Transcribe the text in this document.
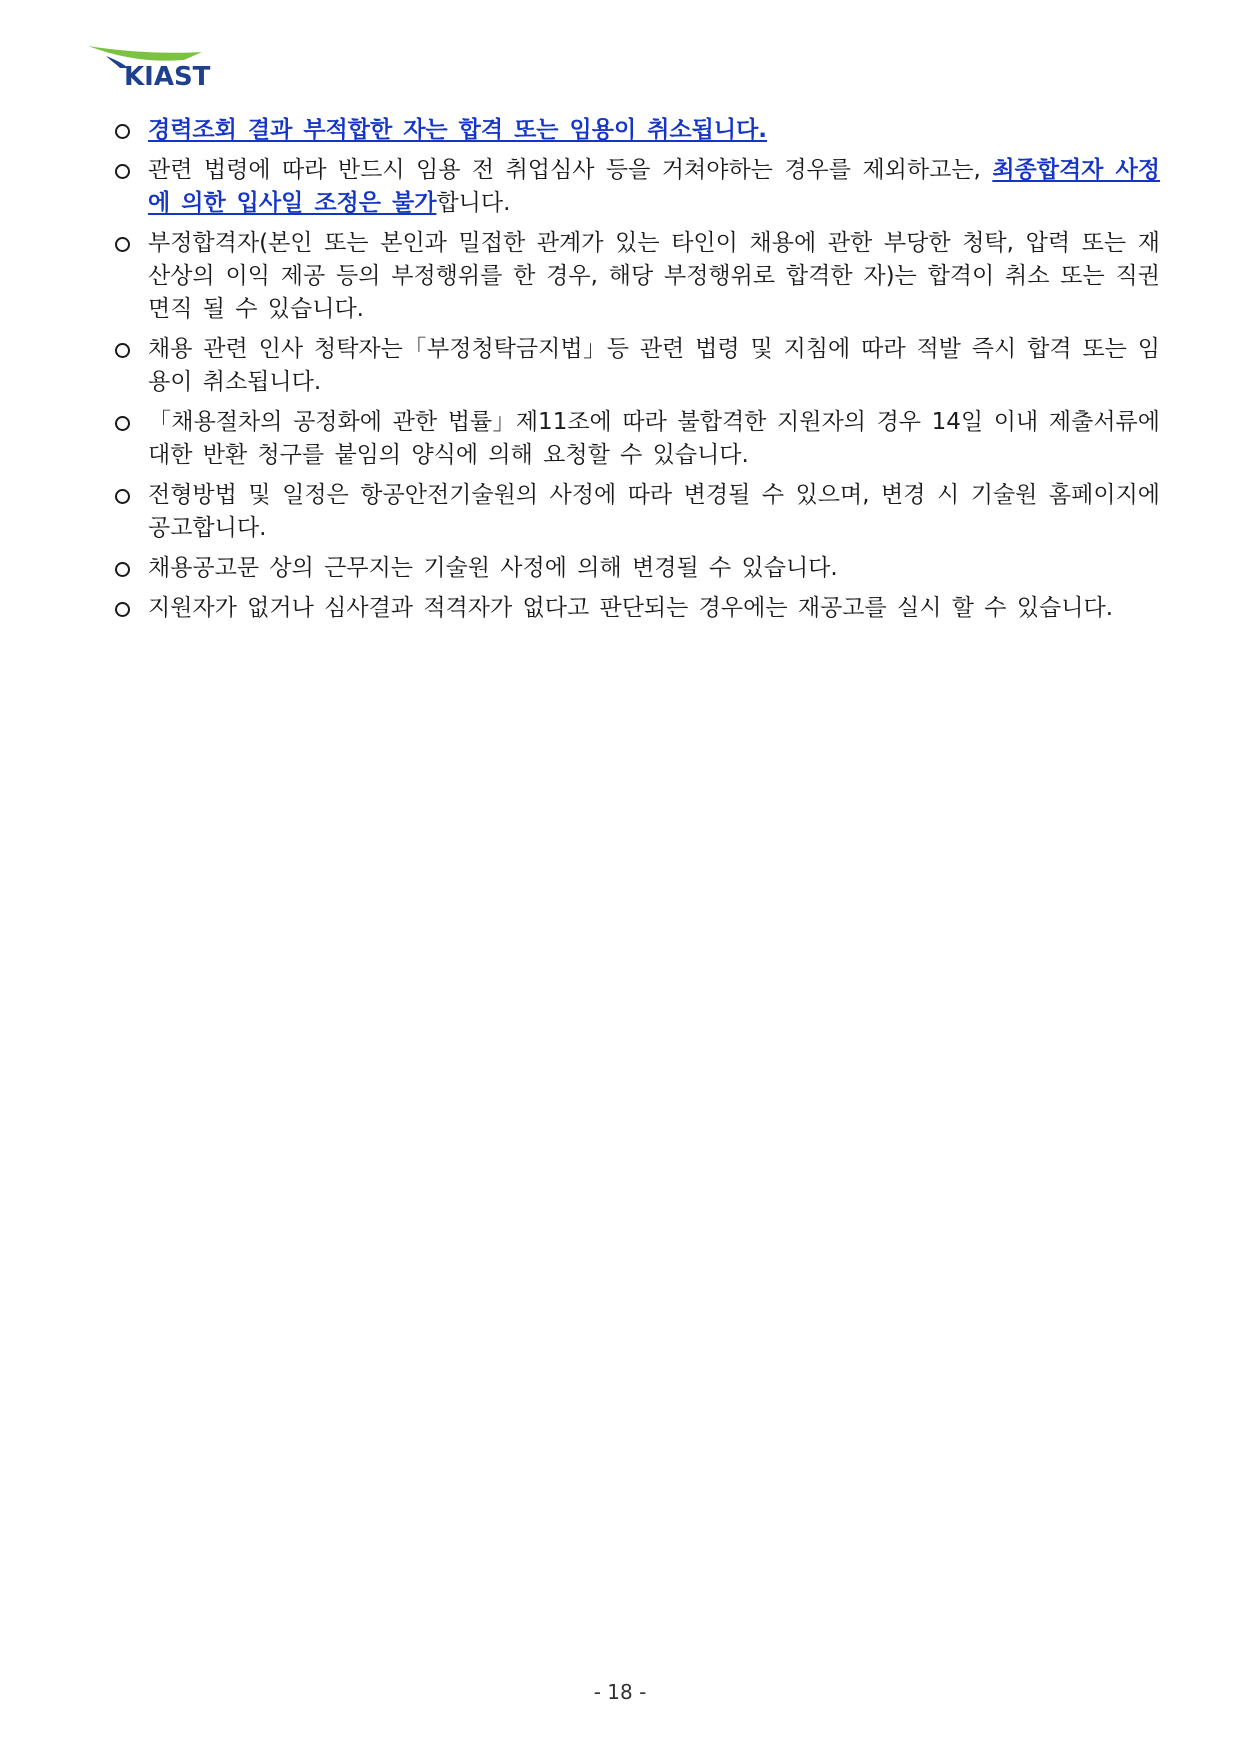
KIAST
경력조회 결과 부적합한 자는 합격 또는 임용이 취소됩니다.
관련 법령에 따라 반드시 임용 전 취업심사 등을 거쳐야하는 경우를 제외하고는, 최종합격자 사정에 의한 입사일 조정은 불가합니다.
부정합격자(본인 또는 본인과 밀접한 관계가 있는 타인이 채용에 관한 부당한 청탁, 압력 또는 재산상의 이익 제공 등의 부정행위를 한 경우, 해당 부정행위로 합격한 자)는 합격이 취소 또는 직권면직 될 수 있습니다.
채용 관련 인사 청탁자는「부정청탁금지법」등 관련 법령 및 지침에 따라 적발 즉시 합격 또는 임용이 취소됩니다.
「채용절차의 공정화에 관한 법률」제11조에 따라 불합격한 지원자의 경우 14일 이내 제출서류에 대한 반환 청구를 붙임의 양식에 의해 요청할 수 있습니다.
전형방법 및 일정은 항공안전기술원의 사정에 따라 변경될 수 있으며, 변경 시 기술원 홈페이지에 공고합니다.
채용공고문 상의 근무지는 기술원 사정에 의해 변경될 수 있습니다.
지원자가 없거나 심사결과 적격자가 없다고 판단되는 경우에는 재공고를 실시 할 수 있습니다.
- 18 -
